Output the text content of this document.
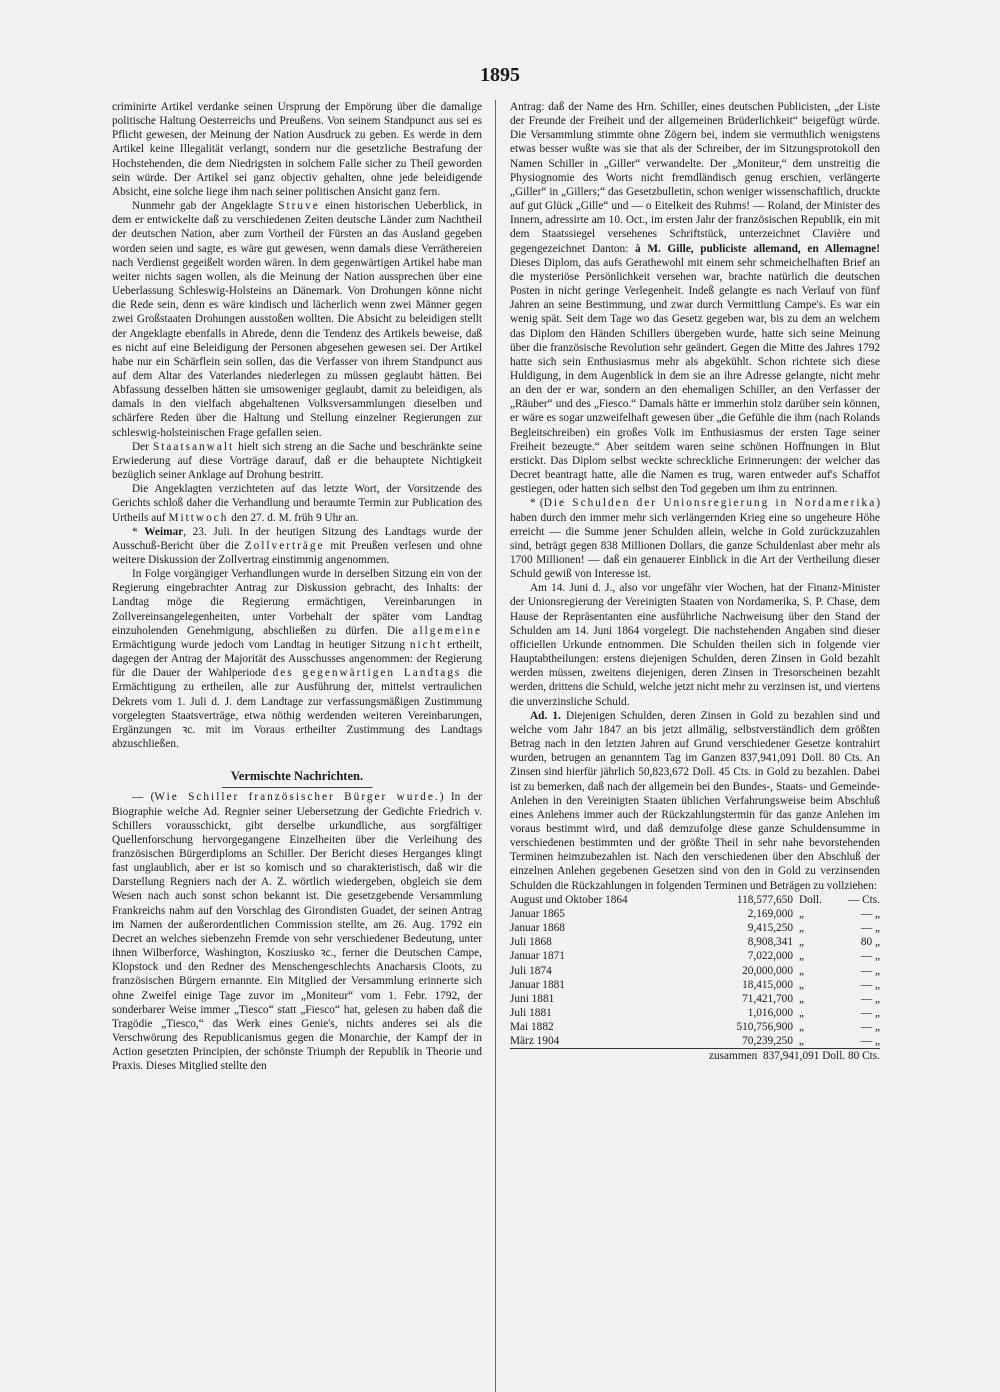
1895

criminirte Artikel verdanke seinen Ursprung der Empörung über die damalige politische Haltung Oesterreichs und Preußens. Von seinem Standpunct aus sei es Pflicht gewesen, der Meinung der Nation Ausdruck zu geben. Es werde in dem Artikel keine Illegalität verlangt, sondern nur die gesetzliche Bestrafung der Hochstehenden, die dem Niedrigsten in solchem Falle sicher zu Theil geworden sein würde. Der Artikel sei ganz objectiv gehalten, ohne jede beleidigende Absicht, eine solche liege ihm nach seiner politischen Ansicht ganz fern.

Nunmehr gab der Angeklagte Struve einen historischen Ueberblick, in dem er entwickelte daß zu verschiedenen Zeiten deutsche Länder zum Nachtheil der deutschen Nation, aber zum Vortheil der Fürsten an das Ausland gegeben worden seien und sagte, es wäre gut gewesen, wenn damals diese Verräthereien nach Verdienst gegeißelt worden wären. In dem gegenwärtigen Artikel habe man weiter nichts sagen wollen, als die Meinung der Nation aussprechen über eine Ueberlassung Schleswig-Holsteins an Dänemark. Von Drohungen könne nicht die Rede sein, denn es wäre kindisch und lächerlich wenn zwei Männer gegen zwei Großstaaten Drohungen ausstoßen wollten. Die Absicht zu beleidigen stellt der Angeklagte ebenfalls in Abrede, denn die Tendenz des Artikels beweise, daß es nicht auf eine Beleidigung der Personen abgesehen gewesen sei. Der Artikel habe nur ein Schärflein sein sollen, das die Verfasser von ihrem Standpunct aus auf dem Altar des Vaterlandes niederlegen zu müssen geglaubt hätten. Bei Abfassung desselben hätten sie umsoweniger geglaubt, damit zu beleidigen, als damals in den vielfach abgehaltenen Volksversammlungen dieselben und schärfere Reden über die Haltung und Stellung einzelner Regierungen zur schleswig-holsteinischen Frage gefallen seien.

Der Staatsanwalt hielt sich streng an die Sache und beschränkte seine Erwiederung auf diese Vorträge darauf, daß er die behauptete Nichtigkeit bezüglich seiner Anklage auf Drohung bestritt.

Die Angeklagten verzichteten auf das letzte Wort, der Vorsitzende des Gerichts schloß daher die Verhandlung und beraumte Termin zur Publication des Urtheils auf Mittwoch den 27. d. M. früh 9 Uhr an.

* Weimar, 23. Juli. In der heutigen Sitzung des Landtags wurde der Ausschuß-Bericht über die Zollverträge mit Preußen verlesen und ohne weitere Diskussion der Zollvertrag einstimmig angenommen.

In Folge vorgängiger Verhandlungen wurde in derselben Sitzung ein von der Regierung eingebrachter Antrag zur Diskussion gebracht, des Inhalts: der Landtag möge die Regierung ermächtigen, Vereinbarungen in Zollvereinsangelegenheiten, unter Vorbehalt der später vom Landtag einzuholenden Genehmigung, abschließen zu dürfen. Die allgemeine Ermächtigung wurde jedoch vom Landtag in heutiger Sitzung nicht ertheilt, dagegen der Antrag der Majorität des Ausschusses angenommen: der Regierung für die Dauer der Wahlperiode des gegenwärtigen Landtags die Ermächtigung zu ertheilen, alle zur Ausführung der, mittelst vertraulichen Dekrets vom 1. Juli d. J. dem Landtage zur verfassungsmäßigen Zustimmung vorgelegten Staatsverträge, etwa nöthig werdenden weiteren Vereinbarungen, Ergänzungen ꝛc. mit im Voraus ertheilter Zustimmung des Landtags abzuschließen.

Vermischte Nachrichten.

— (Wie Schiller französischer Bürger wurde.) In der Biographie welche Ad. Regnier seiner Uebersetzung der Gedichte Friedrich v. Schillers vorausschickt, gibt derselbe urkundliche, aus sorgfältiger Quellenforschung hervorgegangene Einzelheiten über die Verleihung des französischen Bürgerdiploms an Schiller. Der Bericht dieses Herganges klingt fast unglaublich, aber er ist so komisch und so charakteristisch, daß wir die Darstellung Regniers nach der A. Z. wörtlich wiedergeben, obgleich sie dem Wesen nach auch sonst schon bekannt ist. Die gesetzgebende Versammlung Frankreichs nahm auf den Vorschlag des Girondisten Guadet, der seinen Antrag im Namen der außerordentlichen Commission stellte, am 26. Aug. 1792 ein Decret an welches siebenzehn Fremde von sehr verschiedener Bedeutung, unter ihnen Wilberforce, Washington, Kosziusko ꝛc., ferner die Deutschen Campe, Klopstock und den Redner des Menschengeschlechts Anacharsis Cloots, zu französischen Bürgern ernannte. Ein Mitglied der Versammlung erinnerte sich ohne Zweifel einige Tage zuvor im „Moniteur“ vom 1. Febr. 1792, der sonderbarer Weise immer „Tiesco“ statt „Fiesco“ hat, gelesen zu haben daß die Tragödie „Tiesco,“ das Werk eines Genie's, nichts anderes sei als die Verschwörung des Republicanismus gegen die Monarchie, der Kampf der in Action gesetzten Principien, der schönste Triumph der Republik in Theorie und Praxis. Dieses Mitglied stellte den

Antrag: daß der Name des Hrn. Schiller, eines deutschen Publicisten, „der Liste der Freunde der Freiheit und der allgemeinen Brüderlichkeit“ beigefügt würde. Die Versammlung stimmte ohne Zögern bei, indem sie vermuthlich wenigstens etwas besser wußte was sie that als der Schreiber, der im Sitzungsprotokoll den Namen Schiller in „Giller“ verwandelte. Der „Moniteur,“ dem unstreitig die Physiognomie des Worts nicht fremdländisch genug erschien, verlängerte „Giller“ in „Gillers;“ das Gesetzbulletin, schon weniger wissenschaftlich, druckte auf gut Glück „Gille“ und — o Eitelkeit des Ruhms! — Roland, der Minister des Innern, adressirte am 10. Oct., im ersten Jahr der französischen Republik, ein mit dem Staatssiegel versehenes Schriftstück, unterzeichnet Clavière und gegengezeichnet Danton: à M. Gille, publiciste allemand, en Allemagne! Dieses Diplom, das aufs Gerathewohl mit einem sehr schmeichelhaften Brief an die mysteriöse Persönlichkeit versehen war, brachte natürlich die deutschen Posten in nicht geringe Verlegenheit. Indeß gelangte es nach Verlauf von fünf Jahren an seine Bestimmung, und zwar durch Vermittlung Campe's. Es war ein wenig spät. Seit dem Tage wo das Gesetz gegeben war, bis zu dem an welchem das Diplom den Händen Schillers übergeben wurde, hatte sich seine Meinung über die französische Revolution sehr geändert. Gegen die Mitte des Jahres 1792 hatte sich sein Enthusiasmus mehr als abgekühlt. Schon richtete sich diese Huldigung, in dem Augenblick in dem sie an ihre Adresse gelangte, nicht mehr an den der er war, sondern an den ehemaligen Schiller, an den Verfasser der „Räuber“ und des „Fiesco.“ Damals hätte er immerhin stolz darüber sein können, er wäre es sogar unzweifelhaft gewesen über „die Gefühle die ihm (nach Rolands Begleitschreiben) ein großes Volk im Enthusiasmus der ersten Tage seiner Freiheit bezeugte.“ Aber seitdem waren seine schönen Hoffnungen in Blut erstickt. Das Diplom selbst weckte schreckliche Erinnerungen: der welcher das Decret beantragt hatte, alle die Namen es trug, waren entweder auf's Schaffot gestiegen, oder hatten sich selbst den Tod gegeben um ihm zu entrinnen.

* (Die Schulden der Unionsregierung in Nordamerika) haben durch den immer mehr sich verlängernden Krieg eine so ungeheure Höhe erreicht — die Summe jener Schulden allein, welche in Gold zurückzuzahlen sind, beträgt gegen 838 Millionen Dollars, die ganze Schuldenlast aber mehr als 1700 Millionen! — daß ein genauerer Einblick in die Art der Vertheilung dieser Schuld gewiß von Interesse ist.

Am 14. Juni d. J., also vor ungefähr vier Wochen, hat der Finanz-Minister der Unionsregierung der Vereinigten Staaten von Nordamerika, S. P. Chase, dem Hause der Repräsentanten eine ausführliche Nachweisung über den Stand der Schulden am 14. Juni 1864 vorgelegt. Die nachstehenden Angaben sind dieser officiellen Urkunde entnommen. Die Schulden theilen sich in folgende vier Hauptabtheilungen: erstens diejenigen Schulden, deren Zinsen in Gold bezahlt werden müssen, zweitens diejenigen, deren Zinsen in Tresorscheinen bezahlt werden, drittens die Schuld, welche jetzt nicht mehr zu verzinsen ist, und viertens die unverzinsliche Schuld.

Ad. 1. Diejenigen Schulden, deren Zinsen in Gold zu bezahlen sind und welche vom Jahr 1847 an bis jetzt allmälig, selbstverständlich dem größten Betrag nach in den letzten Jahren auf Grund verschiedener Gesetze kontrahirt wurden, betrugen an genanntem Tag im Ganzen 837,941,091 Doll. 80 Cts. An Zinsen sind hierfür jährlich 50,823,672 Doll. 45 Cts. in Gold zu bezahlen. Dabei ist zu bemerken, daß nach der allgemein bei den Bundes-, Staats- und Gemeinde-Anlehen in den Vereinigten Staaten üblichen Verfahrungsweise beim Abschluß eines Anlehens immer auch der Rückzahlungstermin für das ganze Anlehen im voraus bestimmt wird, und daß demzufolge diese ganze Schuldensumme in verschiedenen bestimmten und der größte Theil in sehr nahe bevorstehenden Terminen heimzubezahlen ist. Nach den verschiedenen über den Abschluß der einzelnen Anlehen gegebenen Gesetzen sind von den in Gold zu verzinsenden Schulden die Rückzahlungen in folgenden Terminen und Beträgen zu vollziehen:

August und Oktober 1864	118,577,650	Doll.	— Cts.
Januar 1865	2,169,000	„	— „
Januar 1868	9,415,250	„	— „
Juli 1868	8,908,341	„	80 „
Januar 1871	7,022,000	„	— „
Juli 1874	20,000,000	„	— „
Januar 1881	18,415,000	„	— „
Juni 1881	71,421,700	„	— „
Juli 1881	1,016,000	„	— „
Mai 1882	510,756,900	„	— „
März 1904	70,239,250	„	— „

zusammen 837,941,091 Doll. 80 Cts.
